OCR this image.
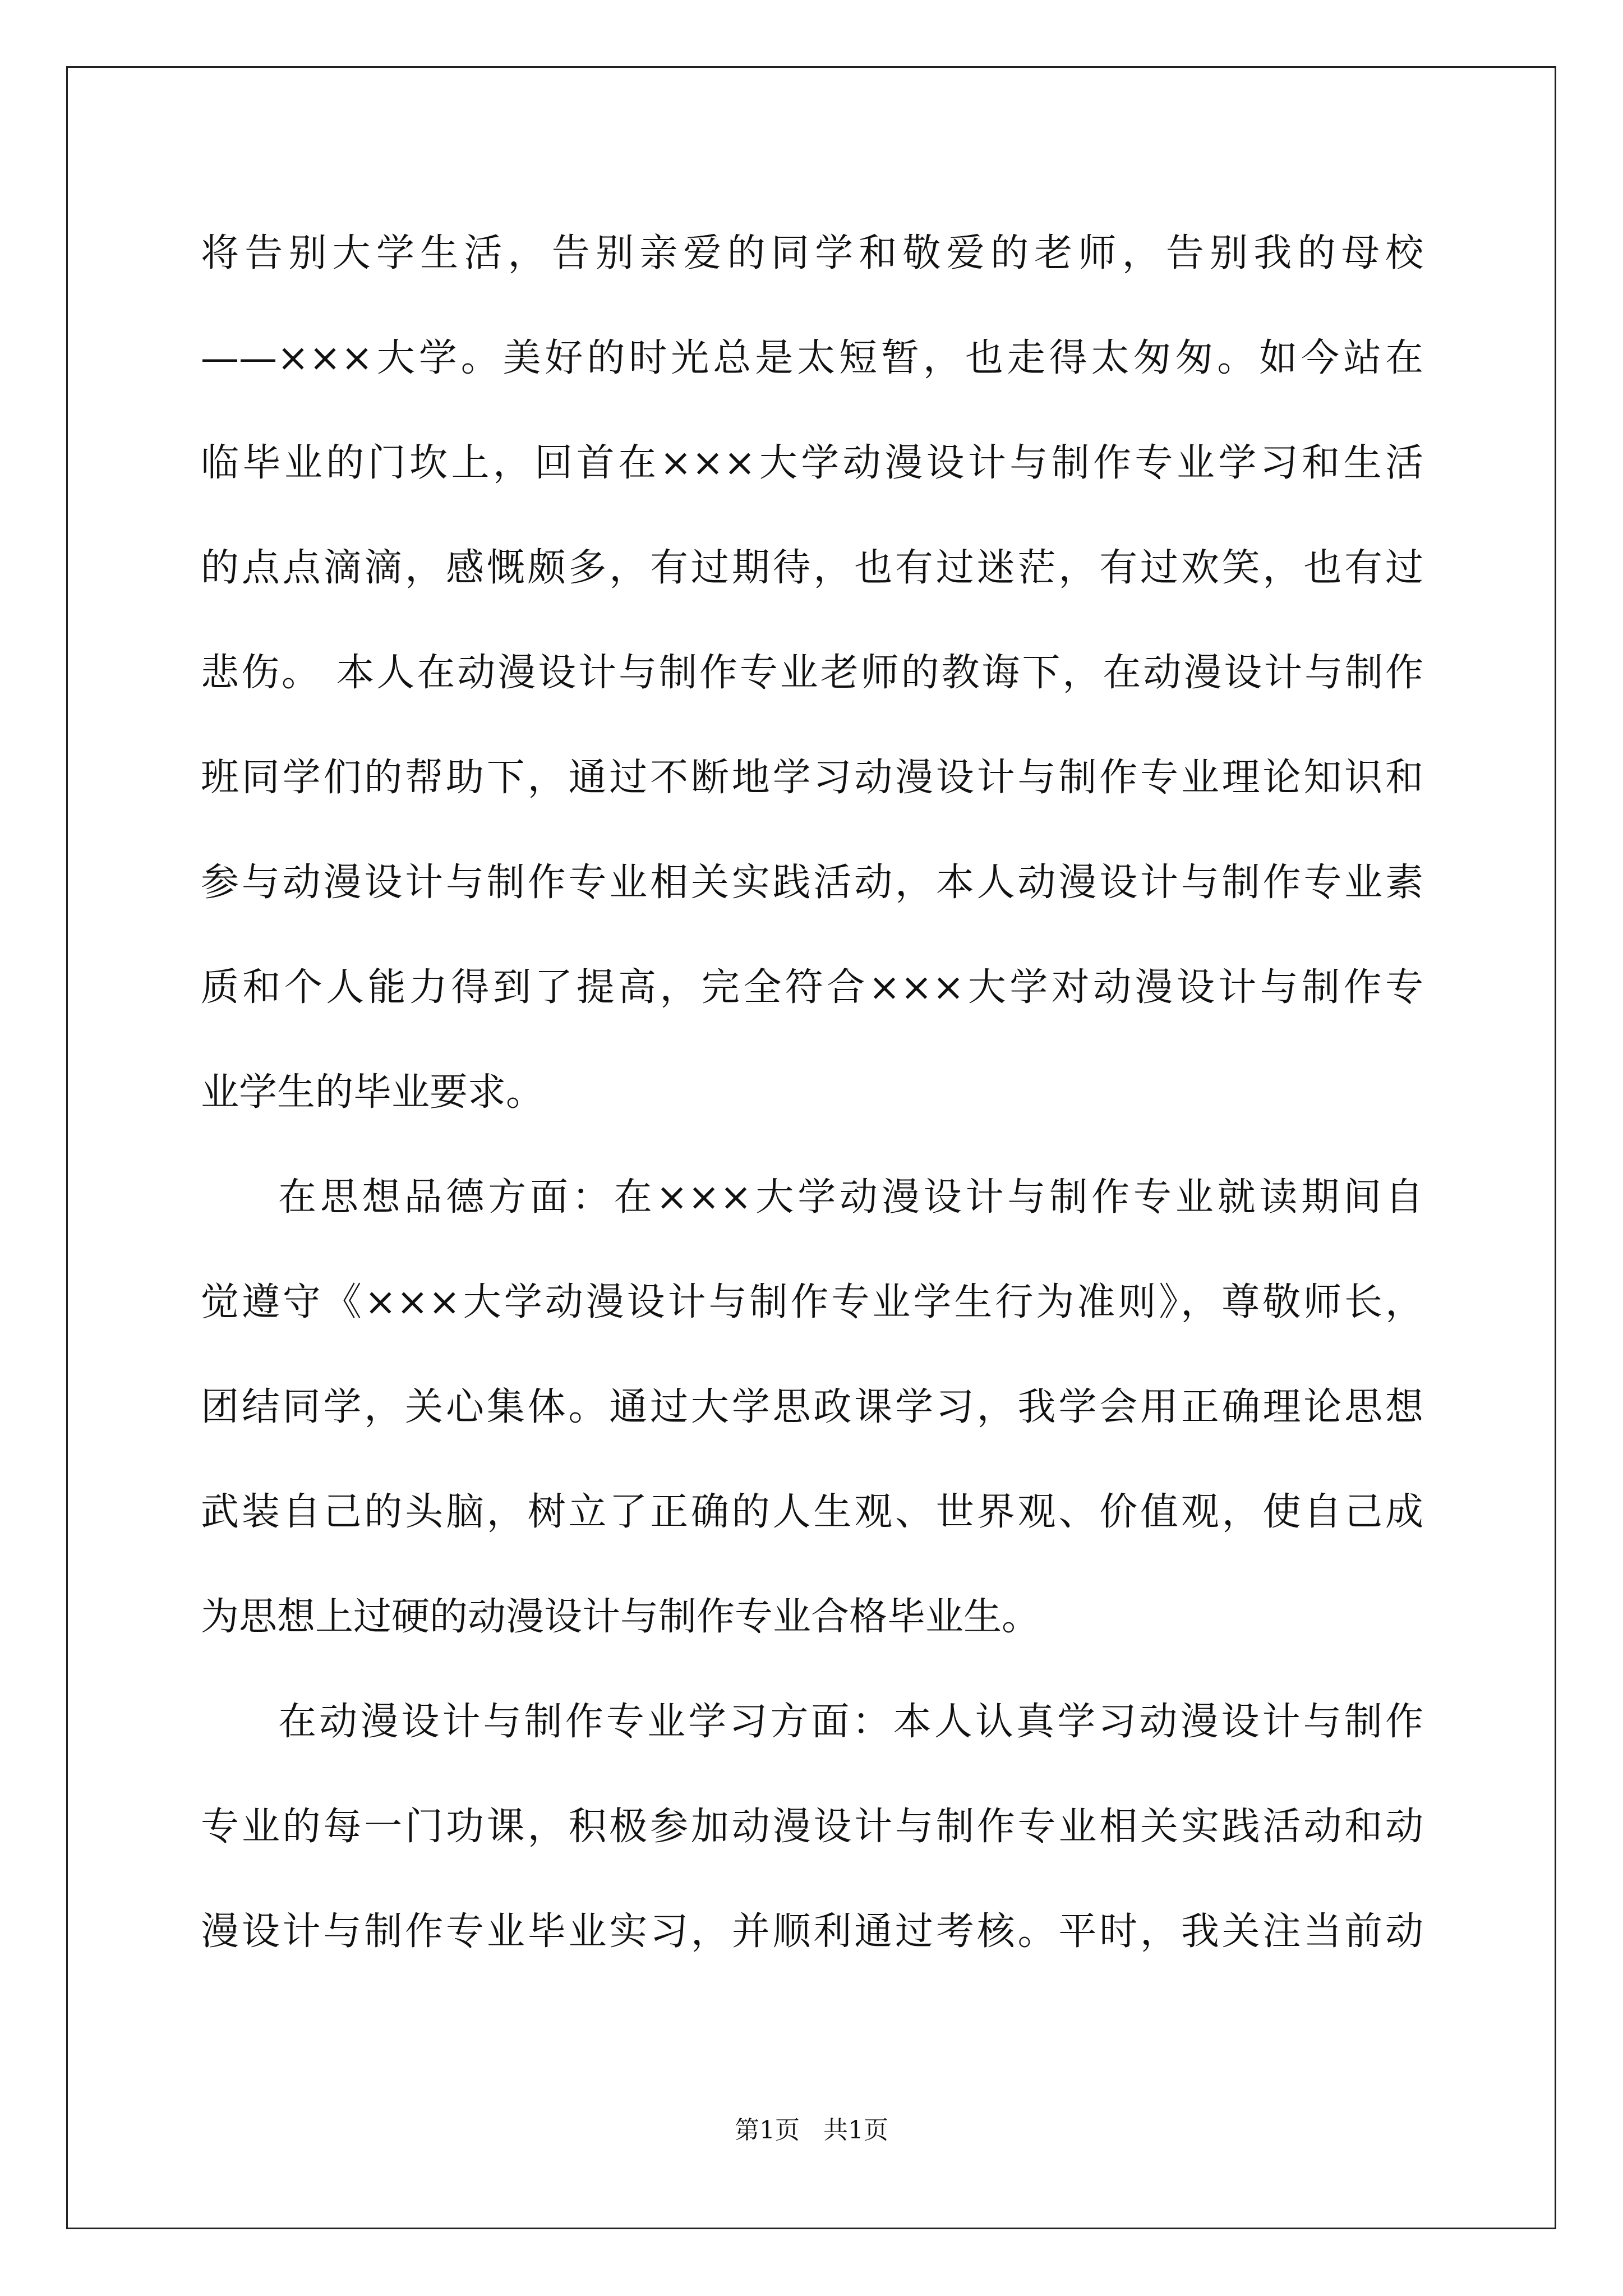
将告别大学生活，告别亲爱的同学和敬爱的老师，告别我的母校
——×××大学。美好的时光总是太短暂，也走得太匆匆。如今站在
临毕业的门坎上，回首在×××大学动漫设计与制作专业学习和生活
的点点滴滴，感慨颇多，有过期待，也有过迷茫，有过欢笑，也有过
悲伤。 本人在动漫设计与制作专业老师的教诲下，在动漫设计与制作
班同学们的帮助下，通过不断地学习动漫设计与制作专业理论知识和
参与动漫设计与制作专业相关实践活动，本人动漫设计与制作专业素
质和个人能力得到了提高，完全符合×××大学对动漫设计与制作专
业学生的毕业要求。
在思想品德方面：在×××大学动漫设计与制作专业就读期间自
觉遵守《×××大学动漫设计与制作专业学生行为准则》，尊敬师长，
团结同学，关心集体。通过大学思政课学习，我学会用正确理论思想
武装自己的头脑，树立了正确的人生观、世界观、价值观，使自己成
为思想上过硬的动漫设计与制作专业合格毕业生。
在动漫设计与制作专业学习方面：本人认真学习动漫设计与制作
专业的每一门功课，积极参加动漫设计与制作专业相关实践活动和动
漫设计与制作专业毕业实习，并顺利通过考核。平时，我关注当前动
第1页   共1页
